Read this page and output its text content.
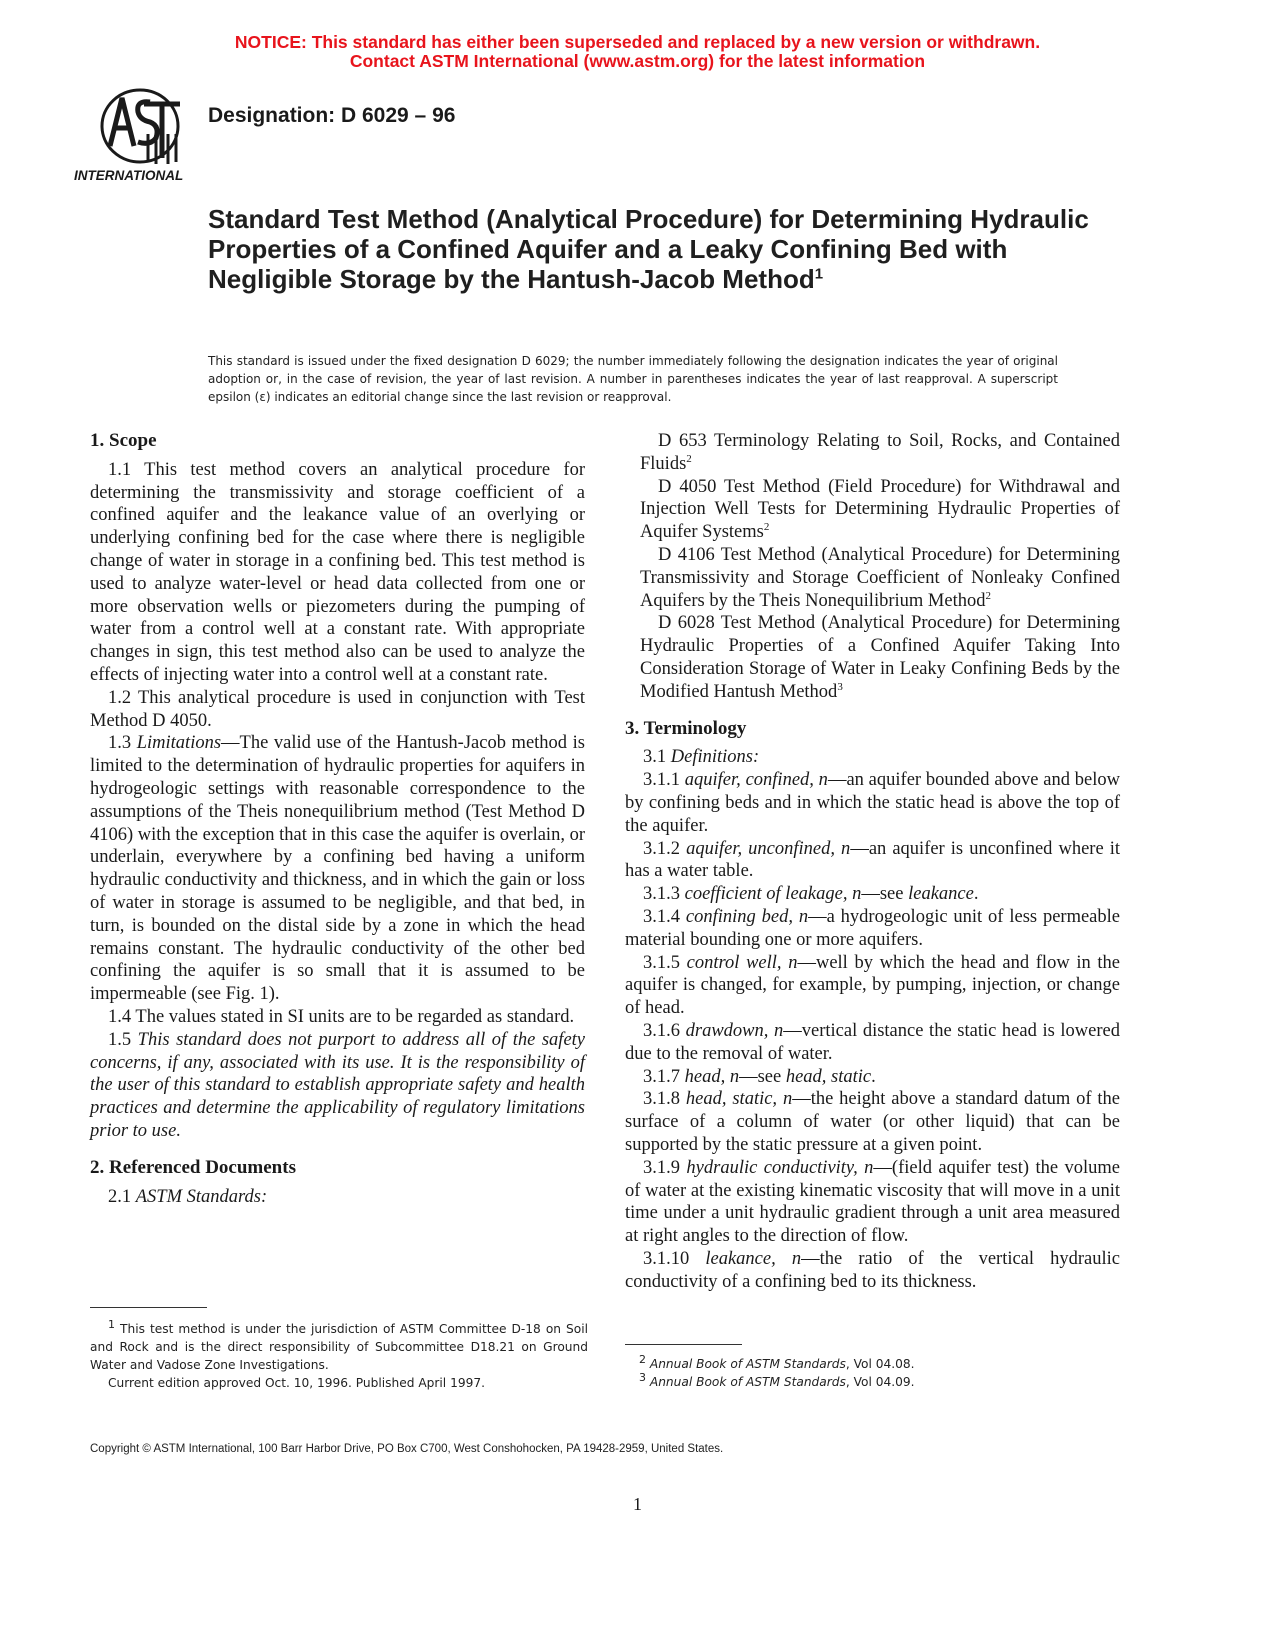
NOTICE: This standard has either been superseded and replaced by a new version or withdrawn.
Contact ASTM International (www.astm.org) for the latest information
INTERNATIONAL
Designation: D 6029 – 96
Standard Test Method (Analytical Procedure) for Determining Hydraulic Properties of a Confined Aquifer and a Leaky Confining Bed with Negligible Storage by the Hantush-Jacob Method$^1$
This standard is issued under the fixed designation D 6029; the number immediately following the designation indicates the year of original adoption or, in the case of revision, the year of last revision. A number in parentheses indicates the year of last reapproval. A superscript epsilon (ε) indicates an editorial change since the last revision or reapproval.
1. Scope

1.1 This test method covers an analytical procedure for determining the transmissivity and storage coefficient of a confined aquifer and the leakance value of an overlying or underlying confining bed for the case where there is negligible change of water in storage in a confining bed. This test method is used to analyze water-level or head data collected from one or more observation wells or piezometers during the pumping of water from a control well at a constant rate. With appropriate changes in sign, this test method also can be used to analyze the effects of injecting water into a control well at a constant rate.

1.2 This analytical procedure is used in conjunction with Test Method D 4050.

1.3 Limitations—The valid use of the Hantush-Jacob method is limited to the determination of hydraulic properties for aquifers in hydrogeologic settings with reasonable correspondence to the assumptions of the Theis nonequilibrium method (Test Method D 4106) with the exception that in this case the aquifer is overlain, or underlain, everywhere by a confining bed having a uniform hydraulic conductivity and thickness, and in which the gain or loss of water in storage is assumed to be negligible, and that bed, in turn, is bounded on the distal side by a zone in which the head remains constant. The hydraulic conductivity of the other bed confining the aquifer is so small that it is assumed to be impermeable (see Fig. 1).

1.4 The values stated in SI units are to be regarded as standard.

1.5 This standard does not purport to address all of the safety concerns, if any, associated with its use. It is the responsibility of the user of this standard to establish appropriate safety and health practices and determine the applicability of regulatory limitations prior to use.

2. Referenced Documents

2.1 ASTM Standards:

D 653 Terminology Relating to Soil, Rocks, and Contained Fluids$^2$

D 4050 Test Method (Field Procedure) for Withdrawal and Injection Well Tests for Determining Hydraulic Properties of Aquifer Systems$^2$

D 4106 Test Method (Analytical Procedure) for Determining Transmissivity and Storage Coefficient of Nonleaky Confined Aquifers by the Theis Nonequilibrium Method$^2$

D 6028 Test Method (Analytical Procedure) for Determining Hydraulic Properties of a Confined Aquifer Taking Into Consideration Storage of Water in Leaky Confining Beds by the Modified Hantush Method$^3$

3. Terminology

3.1 Definitions:

3.1.1 aquifer, confined, n—an aquifer bounded above and below by confining beds and in which the static head is above the top of the aquifer.

3.1.2 aquifer, unconfined, n—an aquifer is unconfined where it has a water table.

3.1.3 coefficient of leakage, n—see leakance.

3.1.4 confining bed, n—a hydrogeologic unit of less permeable material bounding one or more aquifers.

3.1.5 control well, n—well by which the head and flow in the aquifer is changed, for example, by pumping, injection, or change of head.

3.1.6 drawdown, n—vertical distance the static head is lowered due to the removal of water.

3.1.7 head, n—see head, static.

3.1.8 head, static, n—the height above a standard datum of the surface of a column of water (or other liquid) that can be supported by the static pressure at a given point.

3.1.9 hydraulic conductivity, n—(field aquifer test) the volume of water at the existing kinematic viscosity that will move in a unit time under a unit hydraulic gradient through a unit area measured at right angles to the direction of flow.

3.1.10 leakance, n—the ratio of the vertical hydraulic conductivity of a confining bed to its thickness.

$^1$ This test method is under the jurisdiction of ASTM Committee D-18 on Soil and Rock and is the direct responsibility of Subcommittee D18.21 on Ground Water and Vadose Zone Investigations.

Current edition approved Oct. 10, 1996. Published April 1997.

$^2$ Annual Book of ASTM Standards, Vol 04.08.

$^3$ Annual Book of ASTM Standards, Vol 04.09.

Copyright © ASTM International, 100 Barr Harbor Drive, PO Box C700, West Conshohocken, PA 19428-2959, United States.
1
